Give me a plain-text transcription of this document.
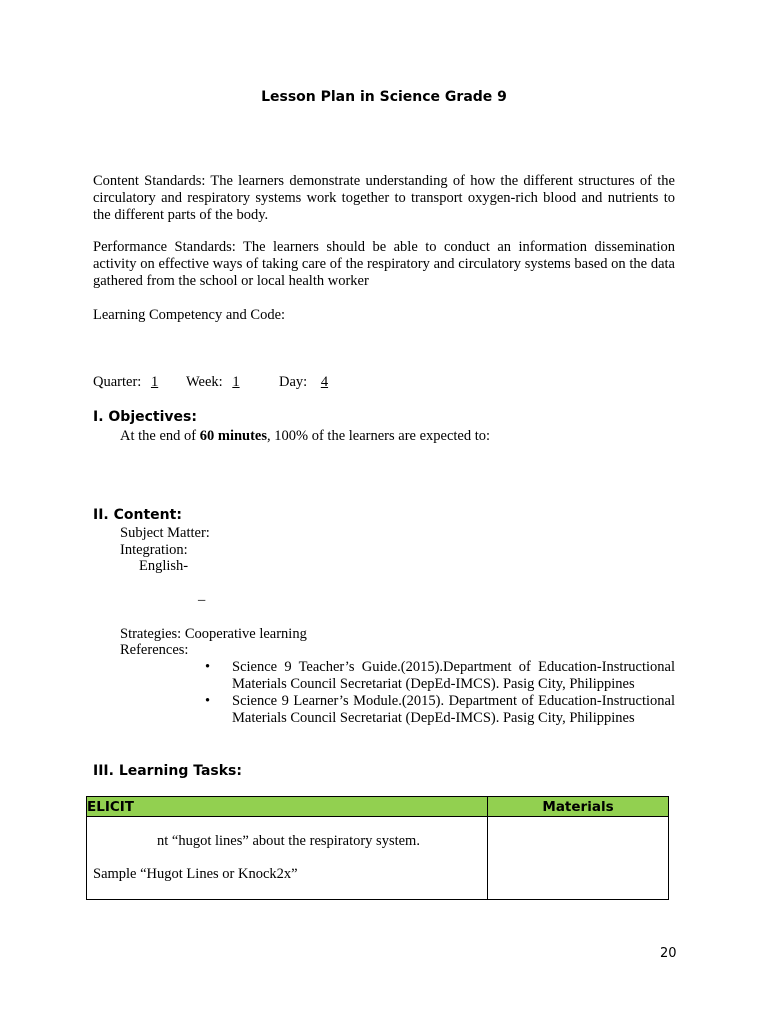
Lesson Plan in Science Grade 9
Content Standards: The learners demonstrate understanding of how the different structures of the circulatory and respiratory systems work together to transport oxygen-rich blood and nutrients to the different parts of the body.
Performance Standards: The learners should be able to conduct an information dissemination activity on effective ways of taking care of the respiratory and circulatory systems based on the data gathered from the school or local health worker
Learning Competency and Code:
Quarter: 1 Week: 1	Day: 4
I. Objectives:
At the end of 60 minutes, 100% of the learners are expected to:
II. Content:
Subject Matter:
Integration:
English-
–
Strategies: Cooperative learning
References:
• Science 9 Teacher’s Guide.(2015).Department of Education-Instructional Materials Council Secretariat (DepEd-IMCS). Pasig City, Philippines
• Science 9 Learner’s Module.(2015). Department of Education-Instructional Materials Council Secretariat (DepEd-IMCS). Pasig City, Philippines
III. Learning Tasks:
ELICIT	Materials

nt “hugot lines” about the respiratory system.
Sample “Hugot Lines or Knock2x”	

20
